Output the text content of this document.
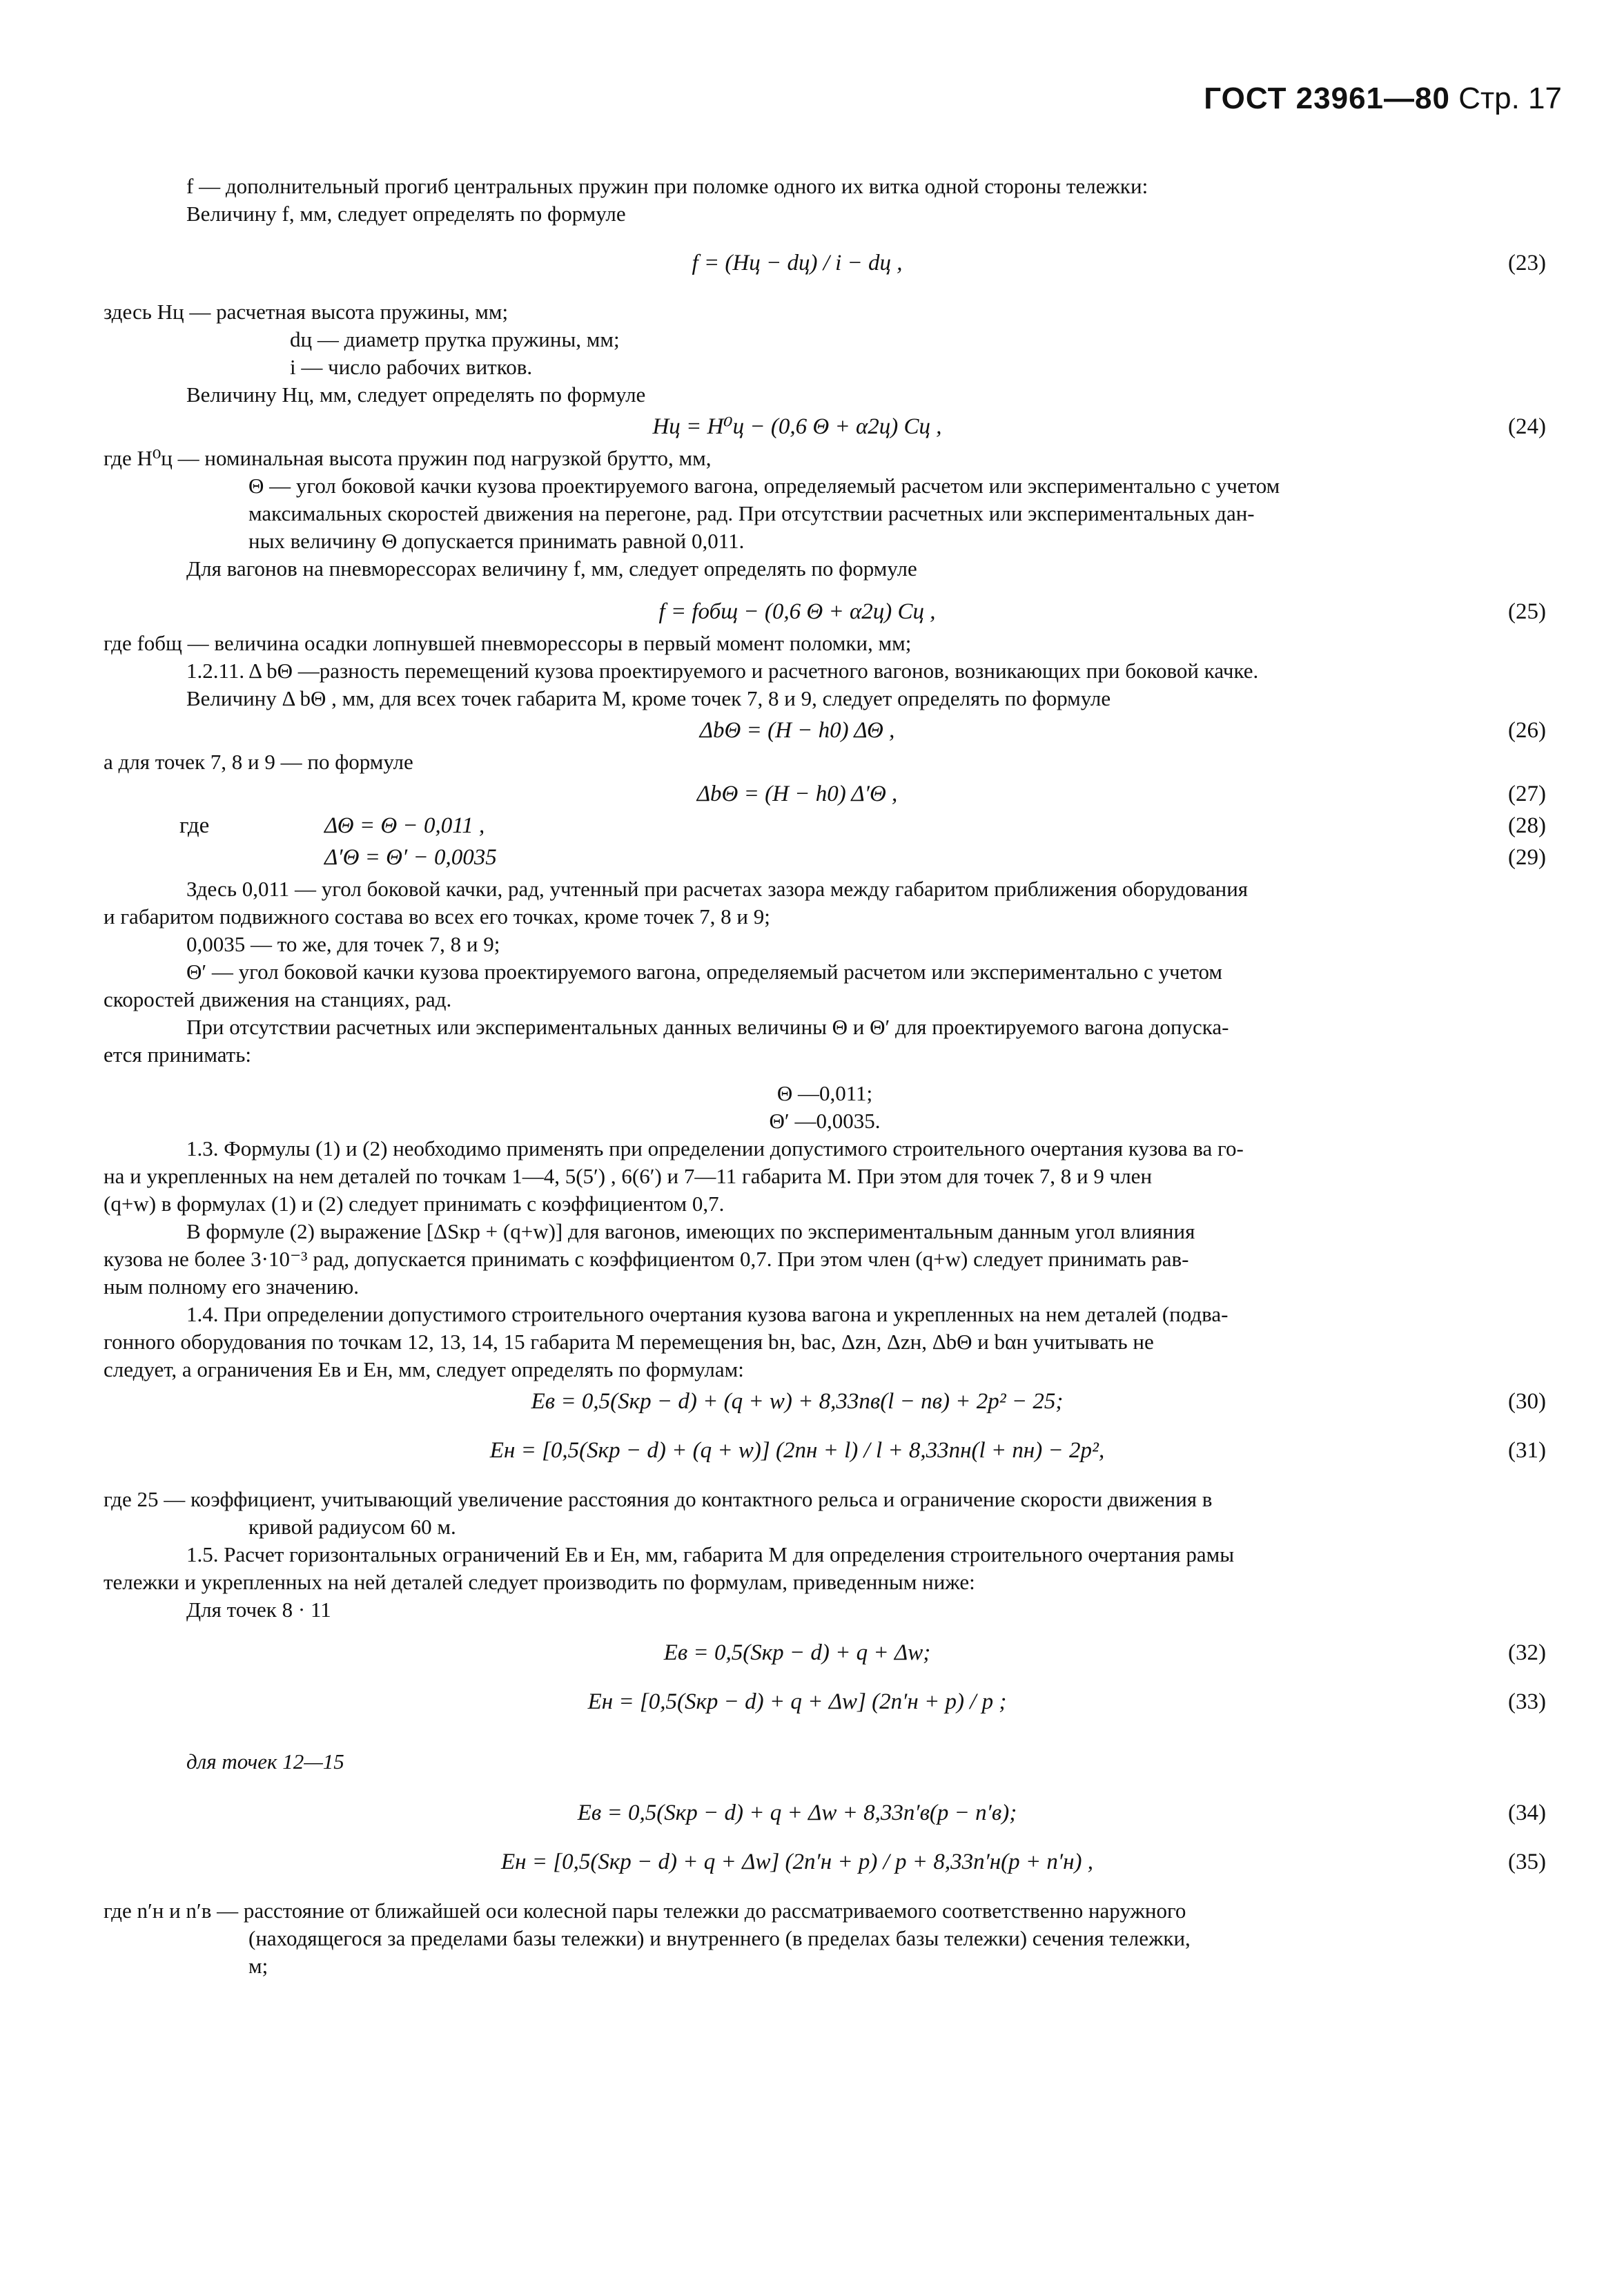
ГОСТ 23961—80 Стр. 17

f — дополнительный прогиб центральных пружин при поломке одного их витка одной стороны тележки:

Величину f, мм, следует определять по формуле

f = (Hц − dц) / i − dц ,	(23)

здесь Hц — расчетная высота пружины, мм;

dц — диаметр прутка пружины, мм;

i — число рабочих витков.

Величину Hц, мм, следует определять по формуле

Hц = H⁰ц − (0,6 Θ + α2ц) Cц ,	(24)

где H⁰ц — номинальная высота пружин под нагрузкой брутто, мм,

Θ — угол боковой качки кузова проектируемого вагона, определяемый расчетом или экспериментально с учетом

максимальных скоростей движения на перегоне, рад. При отсутствии расчетных или экспериментальных дан-

ных величину Θ допускается принимать равной 0,011.

Для вагонов на пневморессорах величину f, мм, следует определять по формуле

f = fобщ − (0,6 Θ + α2ц) Cц ,	(25)

где fобщ — величина осадки лопнувшей пневморессоры в первый момент поломки, мм;

1.2.11. Δ bΘ —разность перемещений кузова проектируемого и расчетного вагонов, возникающих при боковой качке.

Величину Δ bΘ , мм, для всех точек габарита M, кроме точек 7, 8 и 9, следует определять по формуле

ΔbΘ = (H − h0) ΔΘ ,	(26)

а для точек 7, 8 и 9 — по формуле

ΔbΘ = (H − h0) Δ′Θ ,	(27)
где	ΔΘ = Θ − 0,011 ,	(28)
Δ′Θ = Θ′ − 0,0035	(29)

Здесь 0,011 — угол боковой качки, рад, учтенный при расчетах зазора между габаритом приближения оборудования

и габаритом подвижного состава во всех его точках, кроме точек 7, 8 и 9;

0,0035 — то же, для точек 7, 8 и 9;

Θ′ — угол боковой качки кузова проектируемого вагона, определяемый расчетом или экспериментально с учетом

скоростей движения на станциях, рад.

При отсутствии расчетных или экспериментальных данных величины Θ и Θ′ для проектируемого вагона допуска-

ется принимать:

Θ —0,011;

Θ′ —0,0035.

1.3. Формулы (1) и (2) необходимо применять при определении допустимого строительного очертания кузова ва го-

на и укрепленных на нем деталей по точкам 1—4, 5(5′) , 6(6′) и 7—11 габарита M. При этом для точек 7, 8 и 9 член

(q+w) в формулах (1) и (2) следует принимать с коэффициентом 0,7.

В формуле (2) выражение [ΔSкр + (q+w)] для вагонов, имеющих по экспериментальным данным угол влияния

кузова не более 3·10⁻³ рад, допускается принимать с коэффициентом 0,7. При этом член (q+w) следует принимать рав-

ным полному его значению.

1.4. При определении допустимого строительного очертания кузова вагона и укрепленных на нем деталей (подва-

гонного оборудования по точкам 12, 13, 14, 15 габарита M перемещения bн, bас, Δzн, Δzн, ΔbΘ и bαн учитывать не

следует, а ограничения Eв и Eн, мм, следует определять по формулам:

Eв = 0,5(Sкр − d) + (q + w) + 8,33nв(l − nв) + 2p² − 25;	(30)
Eн = [0,5(Sкр − d) + (q + w)] (2nн + l) / l + 8,33nн(l + nн) − 2p²,	(31)

где 25 — коэффициент, учитывающий увеличение расстояния до контактного рельса и ограничение скорости движения в

кривой радиусом 60 м.

1.5. Расчет горизонтальных ограничений Eв и Eн, мм, габарита M для определения строительного очертания рамы

тележки и укрепленных на ней деталей следует производить по формулам, приведенным ниже:

Для точек 8 · 11

Eв = 0,5(Sкр − d) + q + Δw;	(32)
Eн = [0,5(Sкр − d) + q + Δw] (2n′н + p) / p ;	(33)

для точек 12—15

Eв = 0,5(Sкр − d) + q + Δw + 8,33n′в(p − n′в);	(34)
Eн = [0,5(Sкр − d) + q + Δw] (2n′н + p) / p + 8,33n′н(p + n′н) ,	(35)

где n′н и n′в — расстояние от ближайшей оси колесной пары тележки до рассматриваемого соответственно наружного

(находящегося за пределами базы тележки) и внутреннего (в пределах базы тележки) сечения тележки,

м;
